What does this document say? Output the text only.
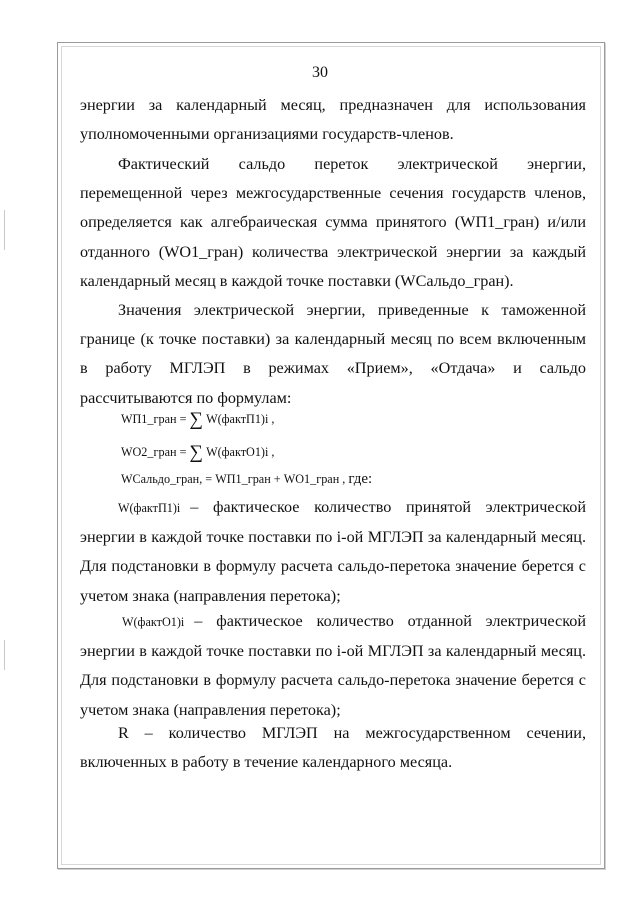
30

энергии за календарный месяц, предназначен для использования

уполномоченными организациями государств-членов.

Фактический сальдо переток электрической энергии,

перемещенной через межгосударственные сечения государств членов,

определяется как алгебраическая сумма принятого (WП1_гран) и/или

отданного (WO1_гран) количества электрической энергии за каждый

календарный месяц в каждой точке поставки (WСальдо_гран).

Значения электрической энергии, приведенные к таможенной

границе (к точке поставки) за календарный месяц по всем включенным

в работу МГЛЭП в режимах «Прием», «Отдача» и сальдо

рассчитываются по формулам:

WП1_гран = ∑ W(фактП1)i ,
WO2_гран = ∑ W(фактO1)i ,
WСальдо_гран, = WП1_гран + WO1_гран , где:

W(фактП1)i – фактическое количество принятой электрической

энергии в каждой точке поставки по i-ой МГЛЭП за календарный месяц.

Для подстановки в формулу расчета сальдо-перетока значение берется с

учетом знака (направления перетока);

W(фактO1)i – фактическое количество отданной электрической

энергии в каждой точке поставки по i-ой МГЛЭП за календарный месяц.

Для подстановки в формулу расчета сальдо-перетока значение берется с

учетом знака (направления перетока);

R – количество МГЛЭП на межгосударственном сечении,

включенных в работу в течение календарного месяца.
